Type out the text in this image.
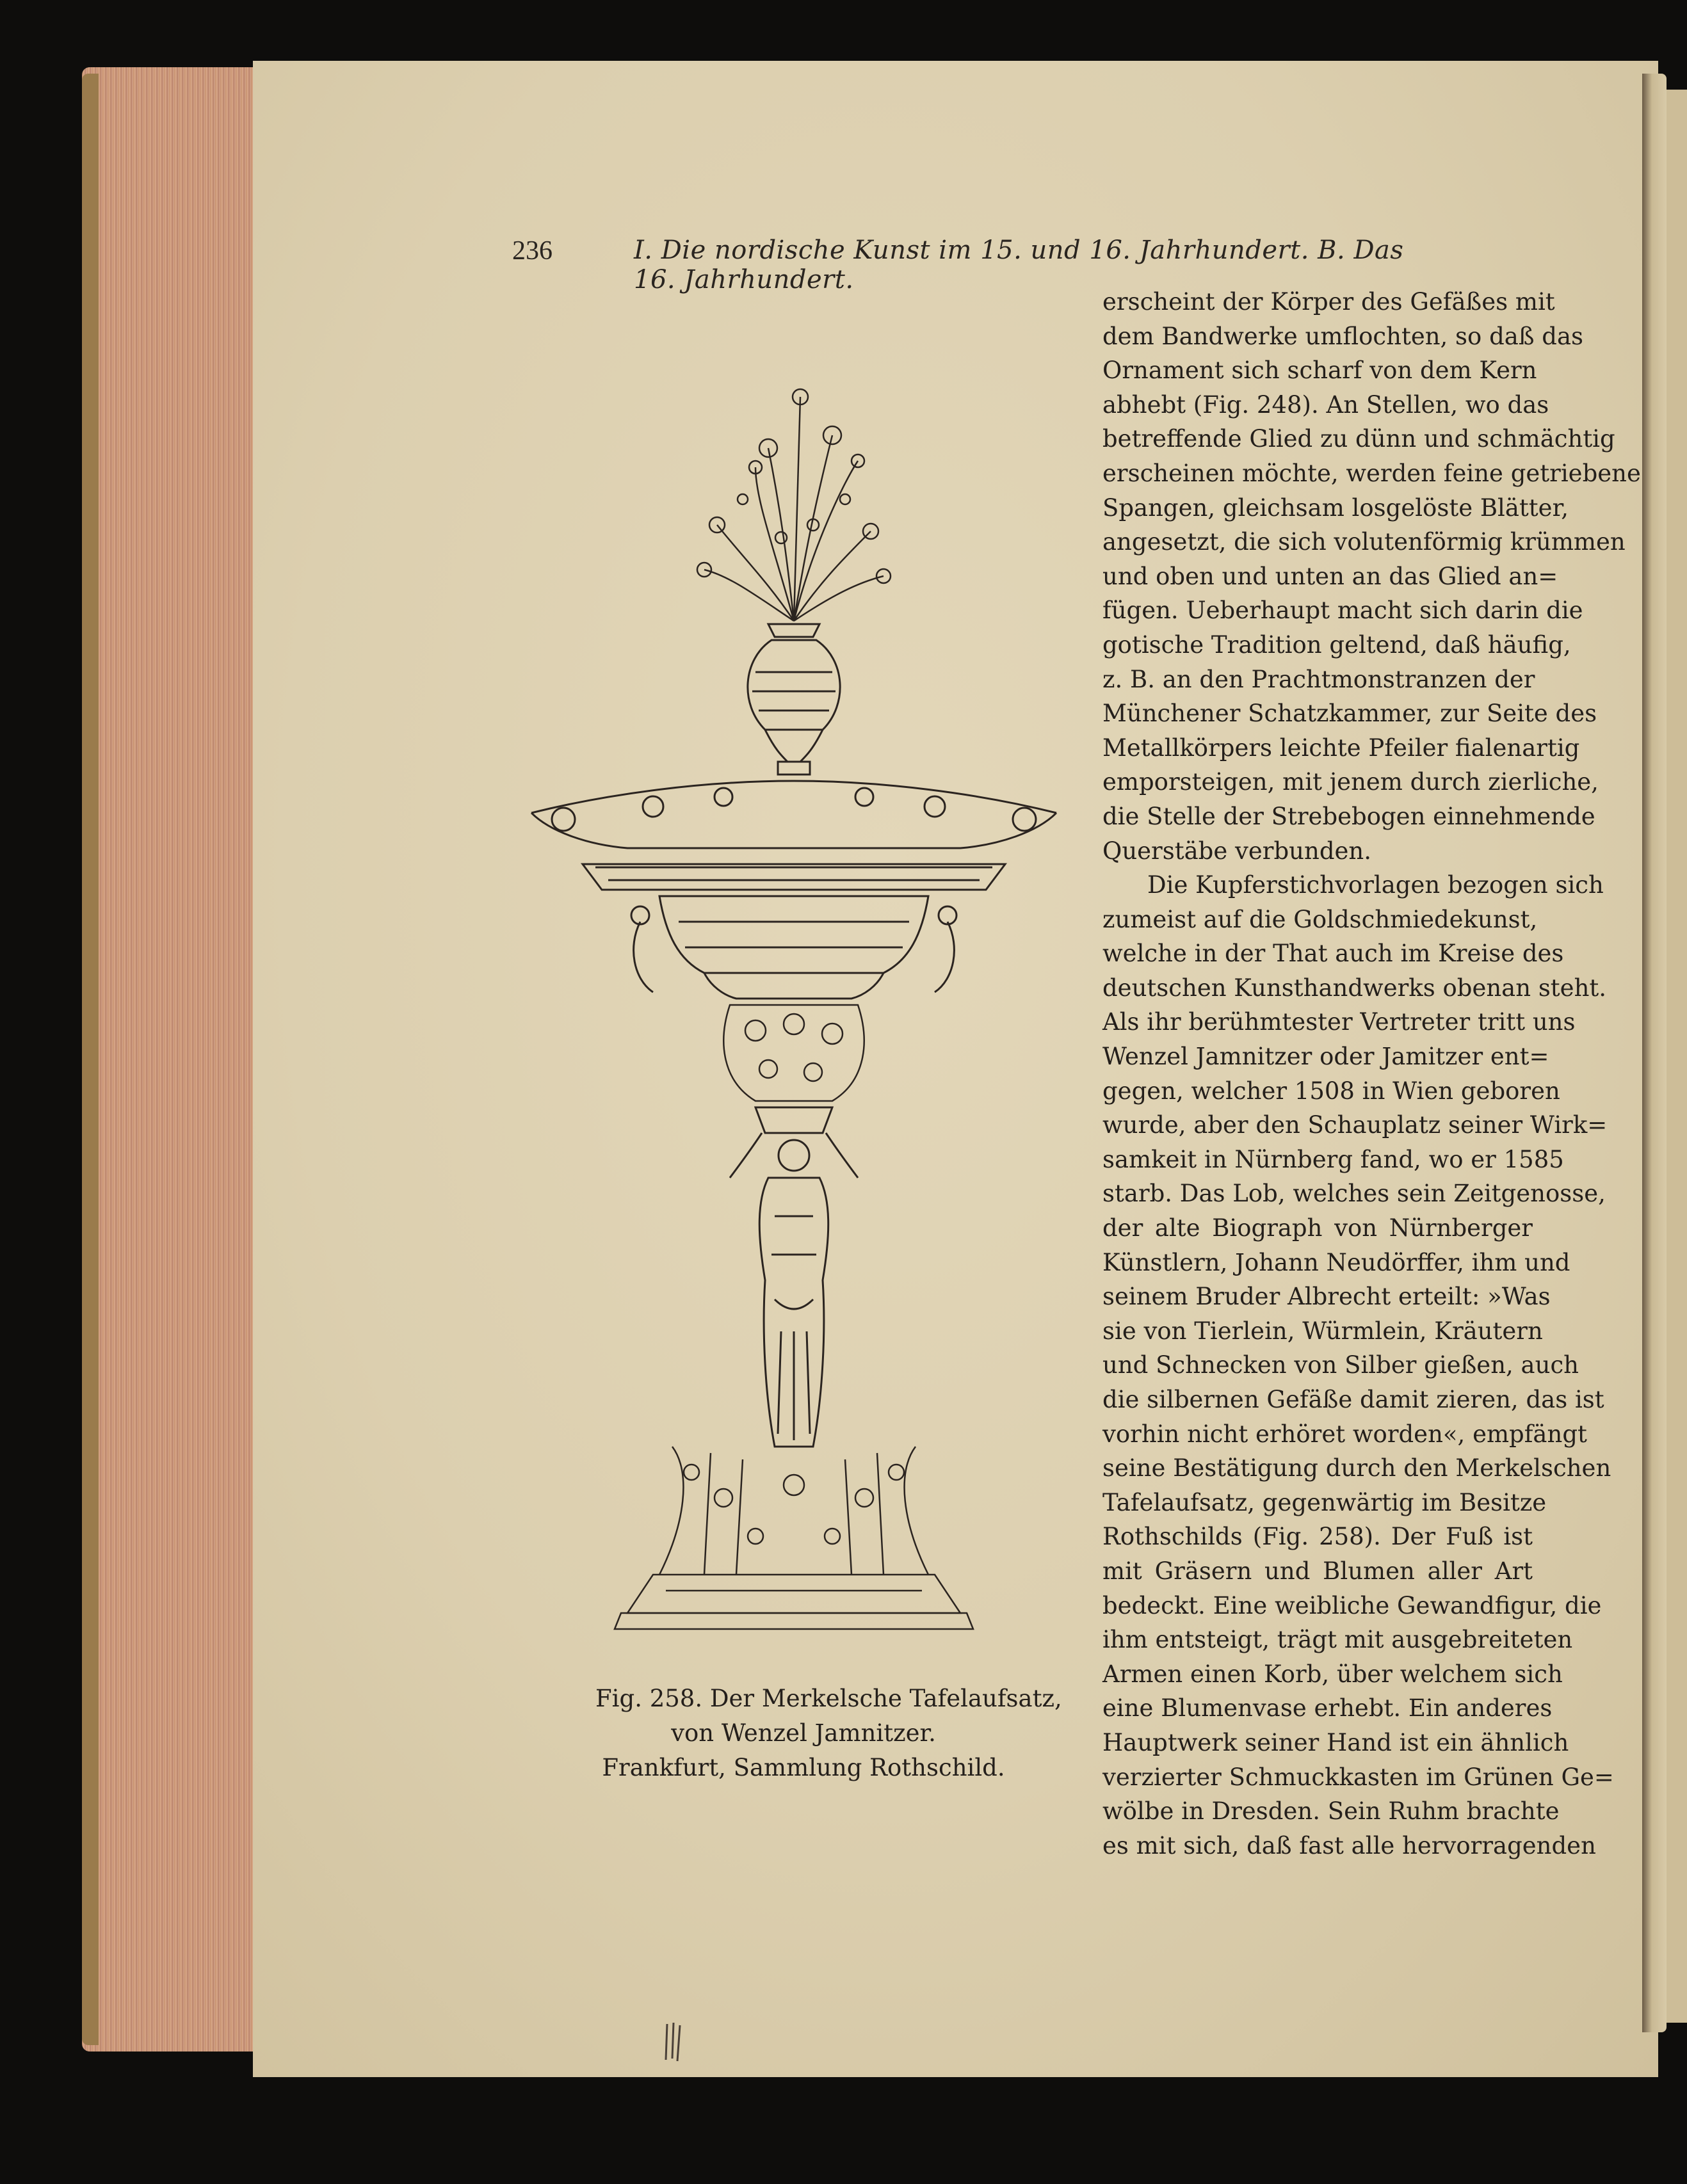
236	I. Die nordische Kunst im 15. und 16. Jahrhundert. B. Das 16. Jahrhundert.
erscheint der Körper des Gefäßes mit
dem Bandwerke umflochten, so daß das
Ornament sich scharf von dem Kern
abhebt (Fig. 248). An Stellen, wo das
betreffende Glied zu dünn und schmächtig
erscheinen möchte, werden feine getriebene
Spangen, gleichsam losgelöste Blätter,
angesetzt, die sich volutenförmig krümmen
und oben und unten an das Glied an=
fügen. Ueberhaupt macht sich darin die
gotische Tradition geltend, daß häufig,
z. B. an den Prachtmonstranzen der
Münchener Schatzkammer, zur Seite des
Metallkörpers leichte Pfeiler fialenartig
emporsteigen, mit jenem durch zierliche,
die Stelle der Strebebogen einnehmende
Querstäbe verbunden.
Die Kupferstichvorlagen bezogen sich
zumeist auf die Goldschmiedekunst,
welche in der That auch im Kreise des
deutschen Kunsthandwerks obenan steht.
Als ihr berühmtester Vertreter tritt uns
Wenzel Jamnitzer oder Jamitzer ent=
gegen, welcher 1508 in Wien geboren
wurde, aber den Schauplatz seiner Wirk=
samkeit in Nürnberg fand, wo er 1585
starb. Das Lob, welches sein Zeitgenosse,
der alte Biograph von Nürnberger
Künstlern, Johann Neudörffer, ihm und
seinem Bruder Albrecht erteilt: »Was
sie von Tierlein, Würmlein, Kräutern
und Schnecken von Silber gießen, auch
die silbernen Gefäße damit zieren, das ist
vorhin nicht erhöret worden«, empfängt
seine Bestätigung durch den Merkelschen
Tafelaufsatz, gegenwärtig im Besitze
Rothschilds (Fig. 258). Der Fuß ist
mit Gräsern und Blumen aller Art
bedeckt. Eine weibliche Gewandfigur, die
ihm entsteigt, trägt mit ausgebreiteten
Armen einen Korb, über welchem sich
eine Blumenvase erhebt. Ein anderes
Hauptwerk seiner Hand ist ein ähnlich
verzierter Schmuckkasten im Grünen Ge=
wölbe in Dresden. Sein Ruhm brachte
es mit sich, daß fast alle hervorragenden
Fig. 258. Der Merkelsche Tafelaufsatz,
von Wenzel Jamnitzer.
Frankfurt, Sammlung Rothschild.
